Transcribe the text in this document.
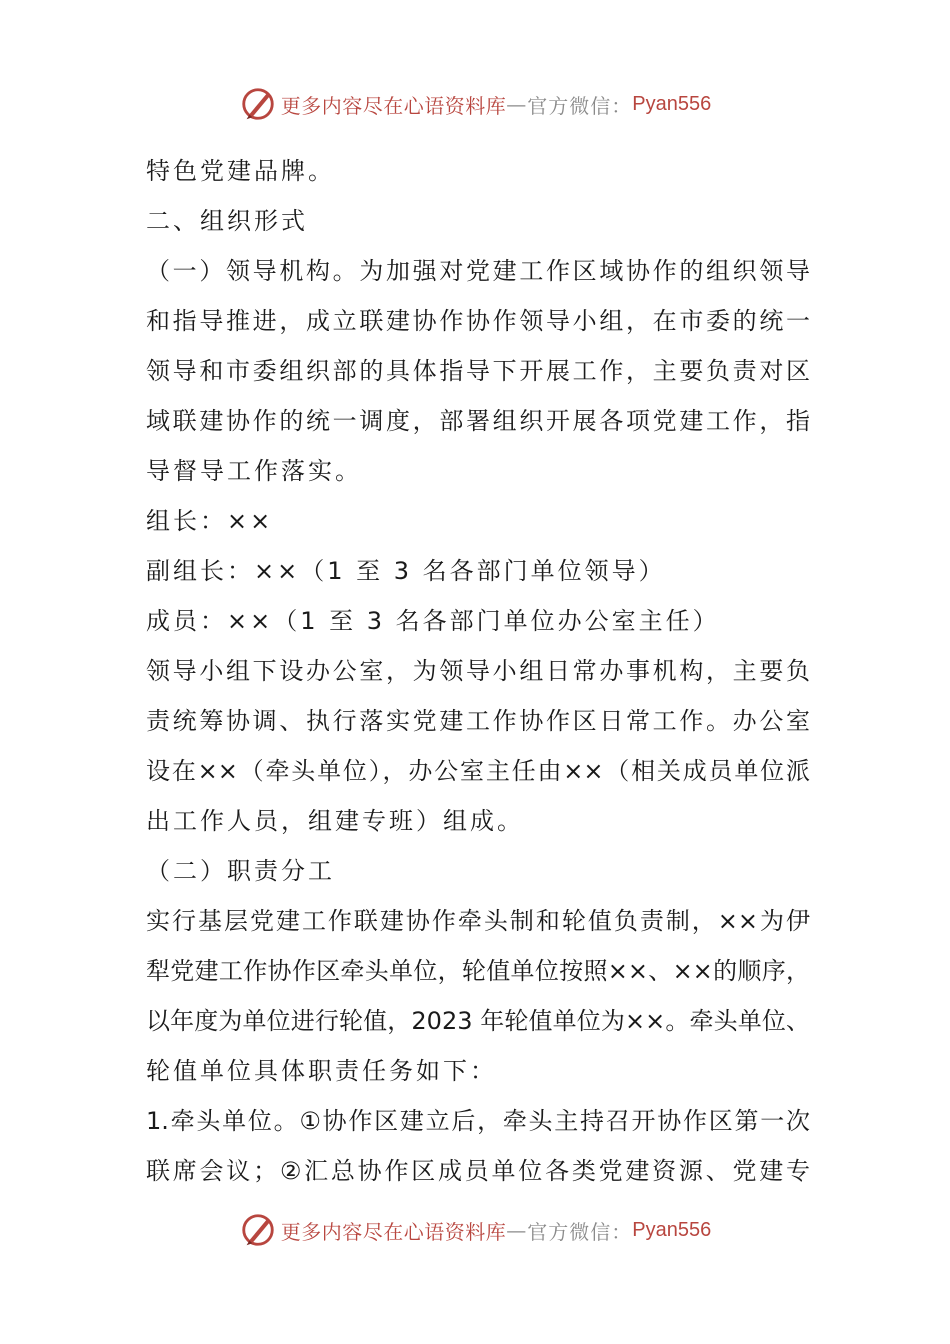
更多内容尽在心语资料库 — 官方微信： Pyan556
特色党建品牌。
二、组织形式
（一）领导机构。为加强对党建工作区域协作的组织领导
和指导推进，成立联建协作协作领导小组，在市委的统一
领导和市委组织部的具体指导下开展工作，主要负责对区
域联建协作的统一调度，部署组织开展各项党建工作，指
导督导工作落实。
组长：××
副组长：××（1 至 3 名各部门单位领导）
成员：××（1 至 3 名各部门单位办公室主任）
领导小组下设办公室，为领导小组日常办事机构，主要负
责统筹协调、执行落实党建工作协作区日常工作。办公室
设在××（牵头单位），办公室主任由××（相关成员单位派
出工作人员，组建专班）组成。
（二）职责分工
实行基层党建工作联建协作牵头制和轮值负责制，××为伊
犁党建工作协作区牵头单位，轮值单位按照××、××的顺序，
以年度为单位进行轮值，2023 年轮值单位为××。牵头单位、
轮值单位具体职责任务如下：
1.牵头单位。①协作区建立后，牵头主持召开协作区第一次
联席会议；②汇总协作区成员单位各类党建资源、党建专
更多内容尽在心语资料库 — 官方微信： Pyan556
